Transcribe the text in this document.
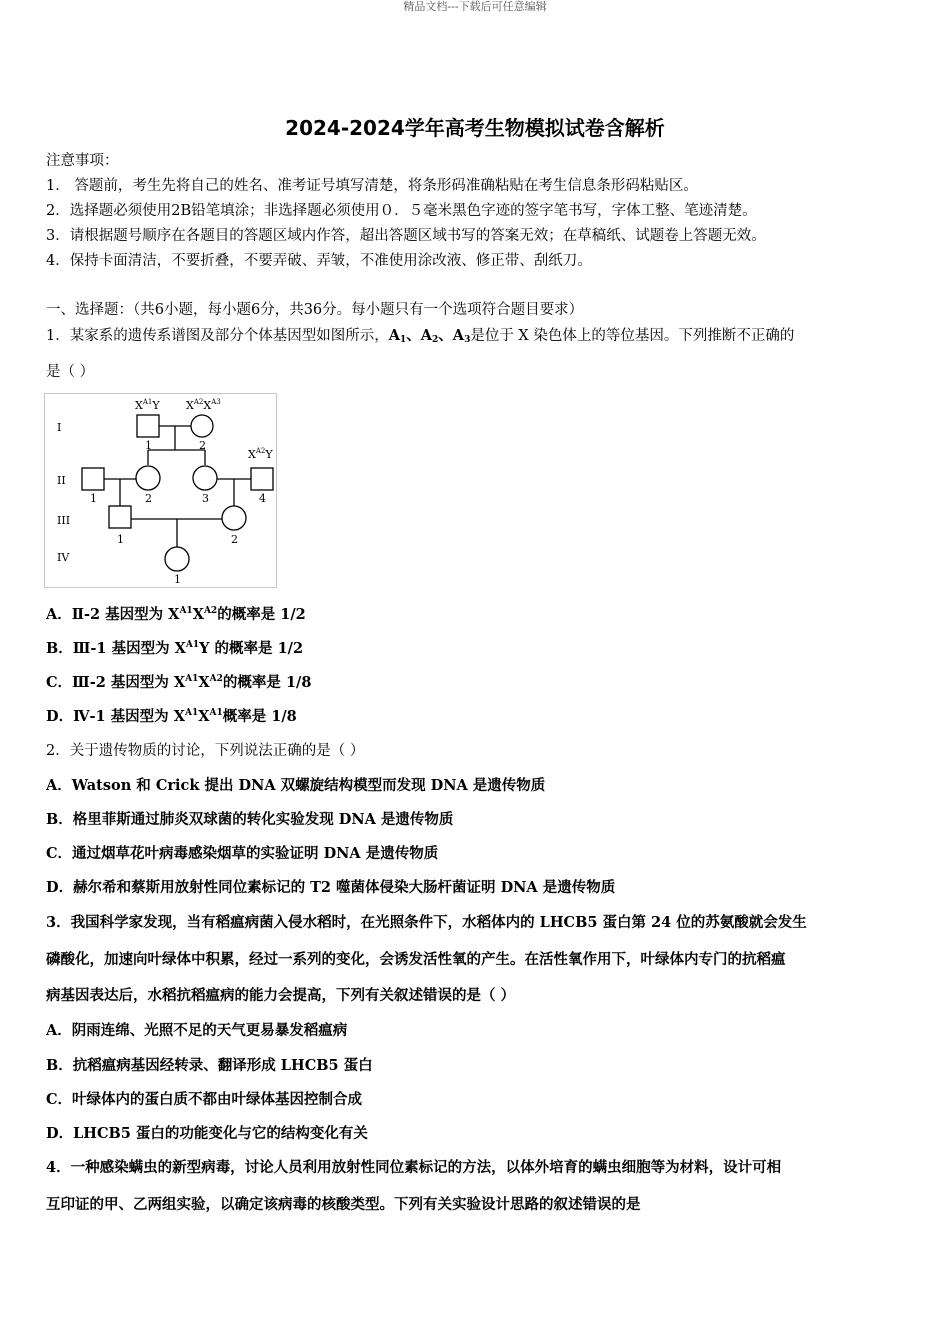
精品文档---下载后可任意编辑
2024-2024学年高考生物模拟试卷含解析
注意事项：
1． 答题前，考生先将自己的姓名、准考证号填写清楚，将条形码准确粘贴在考生信息条形码粘贴区。
2．选择题必须使用2B铅笔填涂；非选择题必须使用０．５毫米黑色字迹的签字笔书写，字体工整、笔迹清楚。
3．请根据题号顺序在各题目的答题区域内作答，超出答题区域书写的答案无效；在草稿纸、试题卷上答题无效。
4．保持卡面清洁，不要折叠，不要弄破、弄皱，不准使用涂改液、修正带、刮纸刀。
一、选择题：（共6小题，每小题6分，共36分。每小题只有一个选项符合题目要求）
1．某家系的遗传系谱图及部分个体基因型如图所示，$A_1$、$A_2$、$A_3$是位于 X 染色体上的等位基因。下列推断不正确的
是（ ）
I
II
III
IV
$X^{A1}Y$ $X^{A2}X^{A3}$
$X^{A2}Y$
1	2
1	2	3	4
1	2
1
A．Ⅱ-2 基因型为 $X^{A1}X^{A2}$的概率是 1/2
B．Ⅲ-1 基因型为 $X^{A1}Y$ 的概率是 1/2
C．Ⅲ-2 基因型为 $X^{A1}X^{A2}$的概率是 1/8
D．Ⅳ-1 基因型为 $X^{A1}X^{A1}$概率是 1/8
2．关于遗传物质的讨论，下列说法正确的是（ ）
A．Watson 和 Crick 提出 DNA 双螺旋结构模型而发现 DNA 是遗传物质
B．格里菲斯通过肺炎双球菌的转化实验发现 DNA 是遗传物质
C．通过烟草花叶病毒感染烟草的实验证明 DNA 是遗传物质
D．赫尔希和蔡斯用放射性同位素标记的 T2 噬菌体侵染大肠杆菌证明 DNA 是遗传物质
3．我国科学家发现，当有稻瘟病菌入侵水稻时，在光照条件下，水稻体内的 LHCB5 蛋白第 24 位的苏氨酸就会发生
磷酸化，加速向叶绿体中积累，经过一系列的变化，会诱发活性氧的产生。在活性氧作用下，叶绿体内专门的抗稻瘟
病基因表达后，水稻抗稻瘟病的能力会提高，下列有关叙述错误的是（ ）
A．阴雨连绵、光照不足的天气更易暴发稻瘟病
B．抗稻瘟病基因经转录、翻译形成 LHCB5 蛋白
C．叶绿体内的蛋白质不都由叶绿体基因控制合成
D．LHCB5 蛋白的功能变化与它的结构变化有关
4．一种感染螨虫的新型病毒，讨论人员利用放射性同位素标记的方法，以体外培育的螨虫细胞等为材料，设计可相
互印证的甲、乙两组实验，以确定该病毒的核酸类型。下列有关实验设计思路的叙述错误的是
